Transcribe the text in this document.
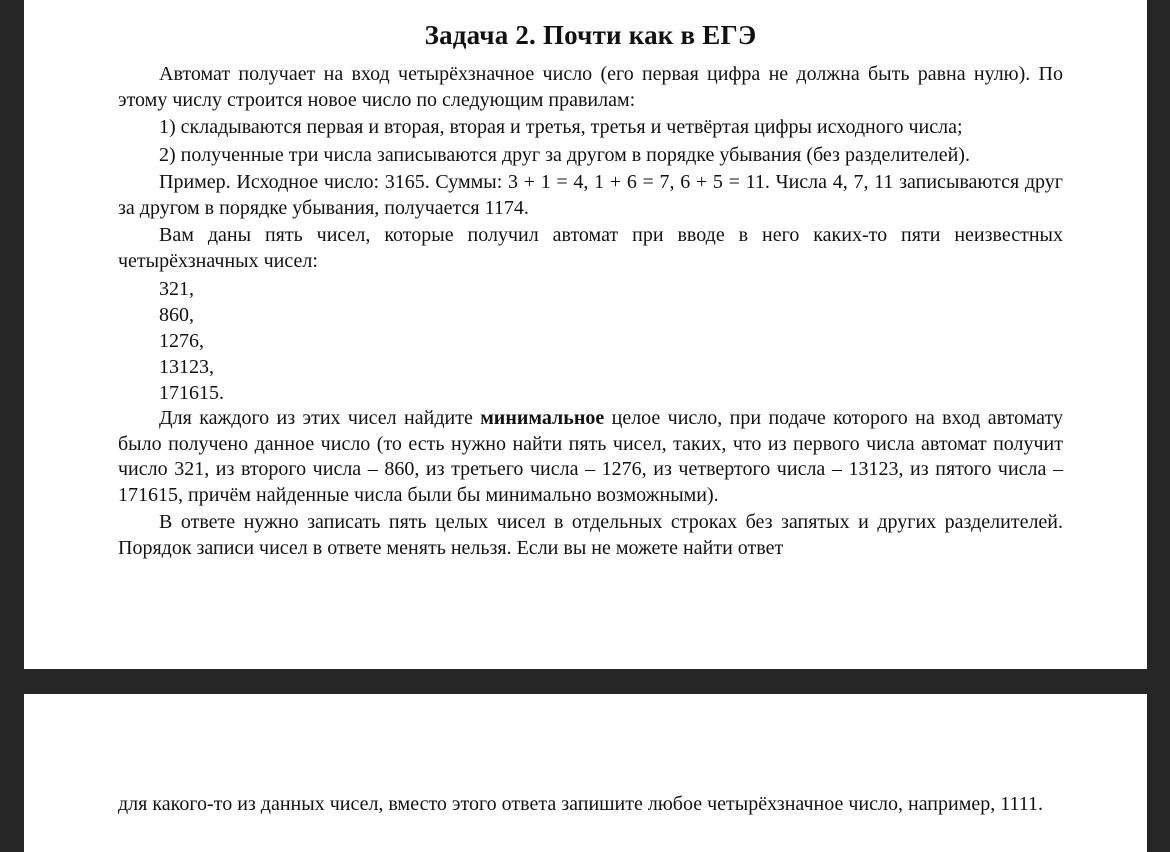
Задача 2. Почти как в ЕГЭ

Автомат получает на вход четырёхзначное число (его первая цифра не должна быть равна нулю). По этому числу строится новое число по следующим правилам:

1) складываются первая и вторая, вторая и третья, третья и четвёртая цифры исходного числа;

2) полученные три числа записываются друг за другом в порядке убывания (без разделителей).

Пример. Исходное число: 3165. Суммы: 3 + 1 = 4, 1 + 6 = 7, 6 + 5 = 11. Числа 4, 7, 11 записываются друг за другом в порядке убывания, получается 1174.

Вам даны пять чисел, которые получил автомат при вводе в него каких-то пяти неизвестных четырёхзначных чисел:

321,
860,
1276,
13123,
171615.

Для каждого из этих чисел найдите минимальное целое число, при подаче которого на вход автомату было получено данное число (то есть нужно найти пять чисел, таких, что из первого числа автомат получит число 321, из второго числа – 860, из третьего числа – 1276, из четвертого числа – 13123, из пятого числа – 171615, причём найденные числа были бы минимально возможными).

В ответе нужно записать пять целых чисел в отдельных строках без запятых и других разделителей. Порядок записи чисел в ответе менять нельзя. Если вы не можете найти ответ

для какого-то из данных чисел, вместо этого ответа запишите любое четырёхзначное число, например, 1111.
